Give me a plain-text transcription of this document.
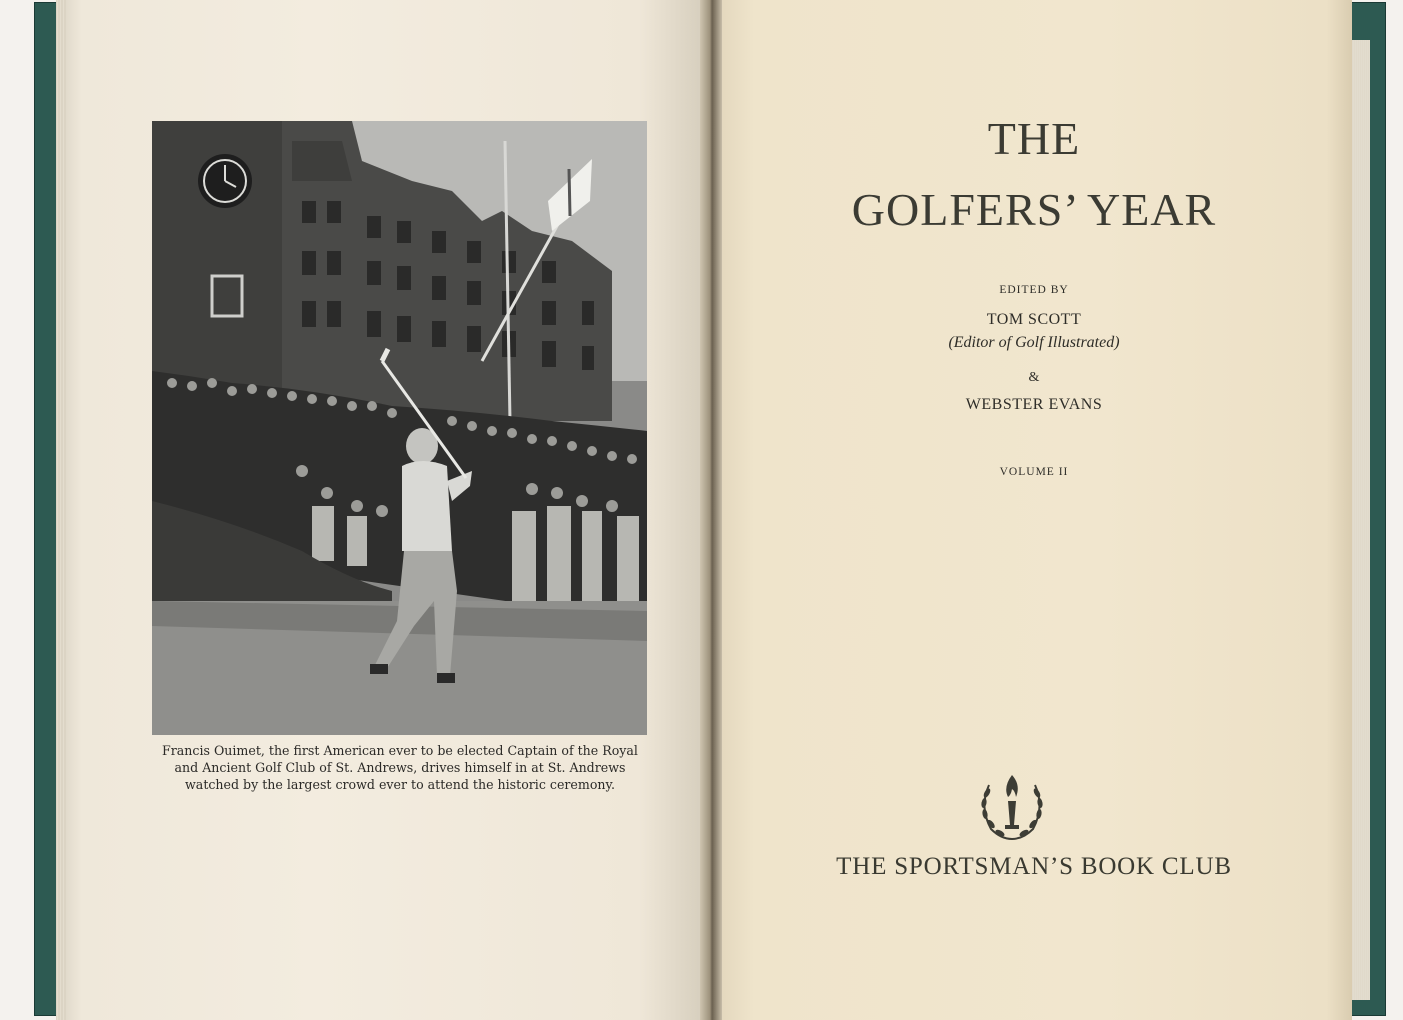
Francis Ouimet, the first American ever to be elected Captain of the Royal and Ancient Golf Club of St. Andrews, drives himself in at St. Andrews watched by the largest crowd ever to attend the historic ceremony.
THE
GOLFERS’ YEAR
EDITED BY
TOM SCOTT
(Editor of Golf Illustrated)
&
WEBSTER EVANS
VOLUME II
THE SPORTSMAN’S BOOK CLUB
